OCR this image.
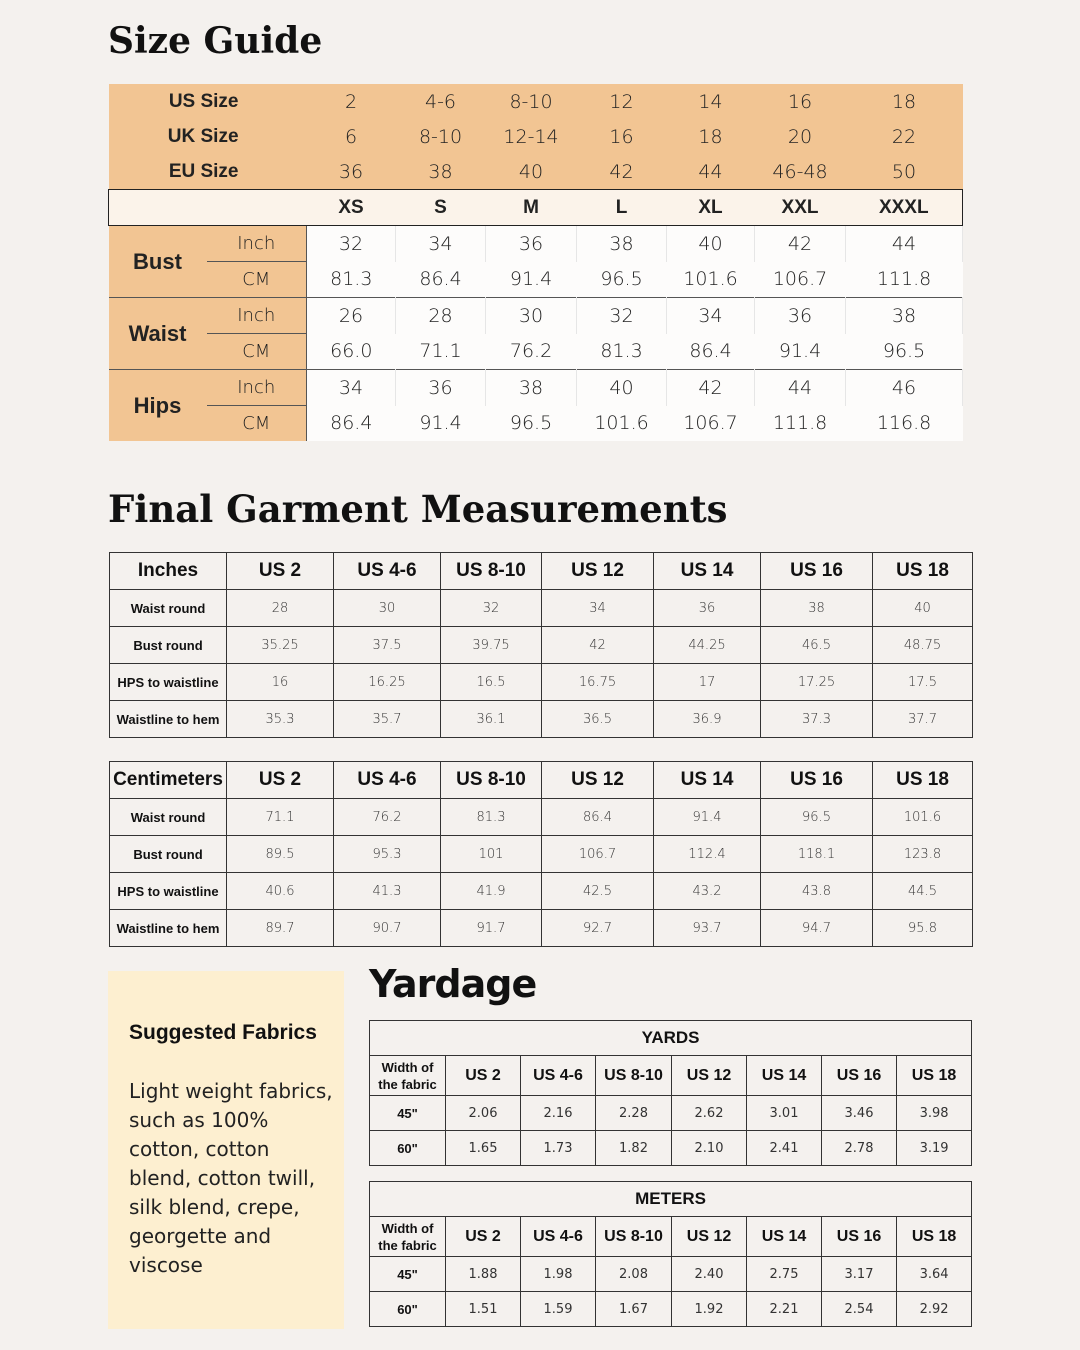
Size Guide
US Size		2	4-6	8-10	12	14	16	18
UK Size		6	8-10	12-14	16	18	20	22
EU Size		36	38	40	42	44	46-48	50
		XS	S	M	L	XL	XXL	XXXL
Bust	Inch	32	34	36	38	40	42	44
	CM	81.3	86.4	91.4	96.5	101.6	106.7	111.8
Waist	Inch	26	28	30	32	34	36	38
	CM	66.0	71.1	76.2	81.3	86.4	91.4	96.5
Hips	Inch	34	36	38	40	42	44	46
	CM	86.4	91.4	96.5	101.6	106.7	111.8	116.8
Final Garment Measurements
Inches	US 2	US 4-6	US 8-10	US 12	US 14	US 16	US 18
Waist round	28	30	32	34	36	38	40
Bust round	35.25	37.5	39.75	42	44.25	46.5	48.75
HPS to waistline	16	16.25	16.5	16.75	17	17.25	17.5
Waistline to hem	35.3	35.7	36.1	36.5	36.9	37.3	37.7
Centimeters	US 2	US 4-6	US 8-10	US 12	US 14	US 16	US 18
Waist round	71.1	76.2	81.3	86.4	91.4	96.5	101.6
Bust round	89.5	95.3	101	106.7	112.4	118.1	123.8
HPS to waistline	40.6	41.3	41.9	42.5	43.2	43.8	44.5
Waistline to hem	89.7	90.7	91.7	92.7	93.7	94.7	95.8

Suggested Fabrics

Light weight fabrics, such as 100% cotton, cotton blend, cotton twill, silk blend, crepe, georgette and viscose

Yardage
YARDS							
Width of
the fabric	US 2	US 4-6	US 8-10	US 12	US 14	US 16	US 18
45"	2.06	2.16	2.28	2.62	3.01	3.46	3.98
60"	1.65	1.73	1.82	2.10	2.41	2.78	3.19
METERS							
Width of
the fabric	US 2	US 4-6	US 8-10	US 12	US 14	US 16	US 18
45"	1.88	1.98	2.08	2.40	2.75	3.17	3.64
60"	1.51	1.59	1.67	1.92	2.21	2.54	2.92
